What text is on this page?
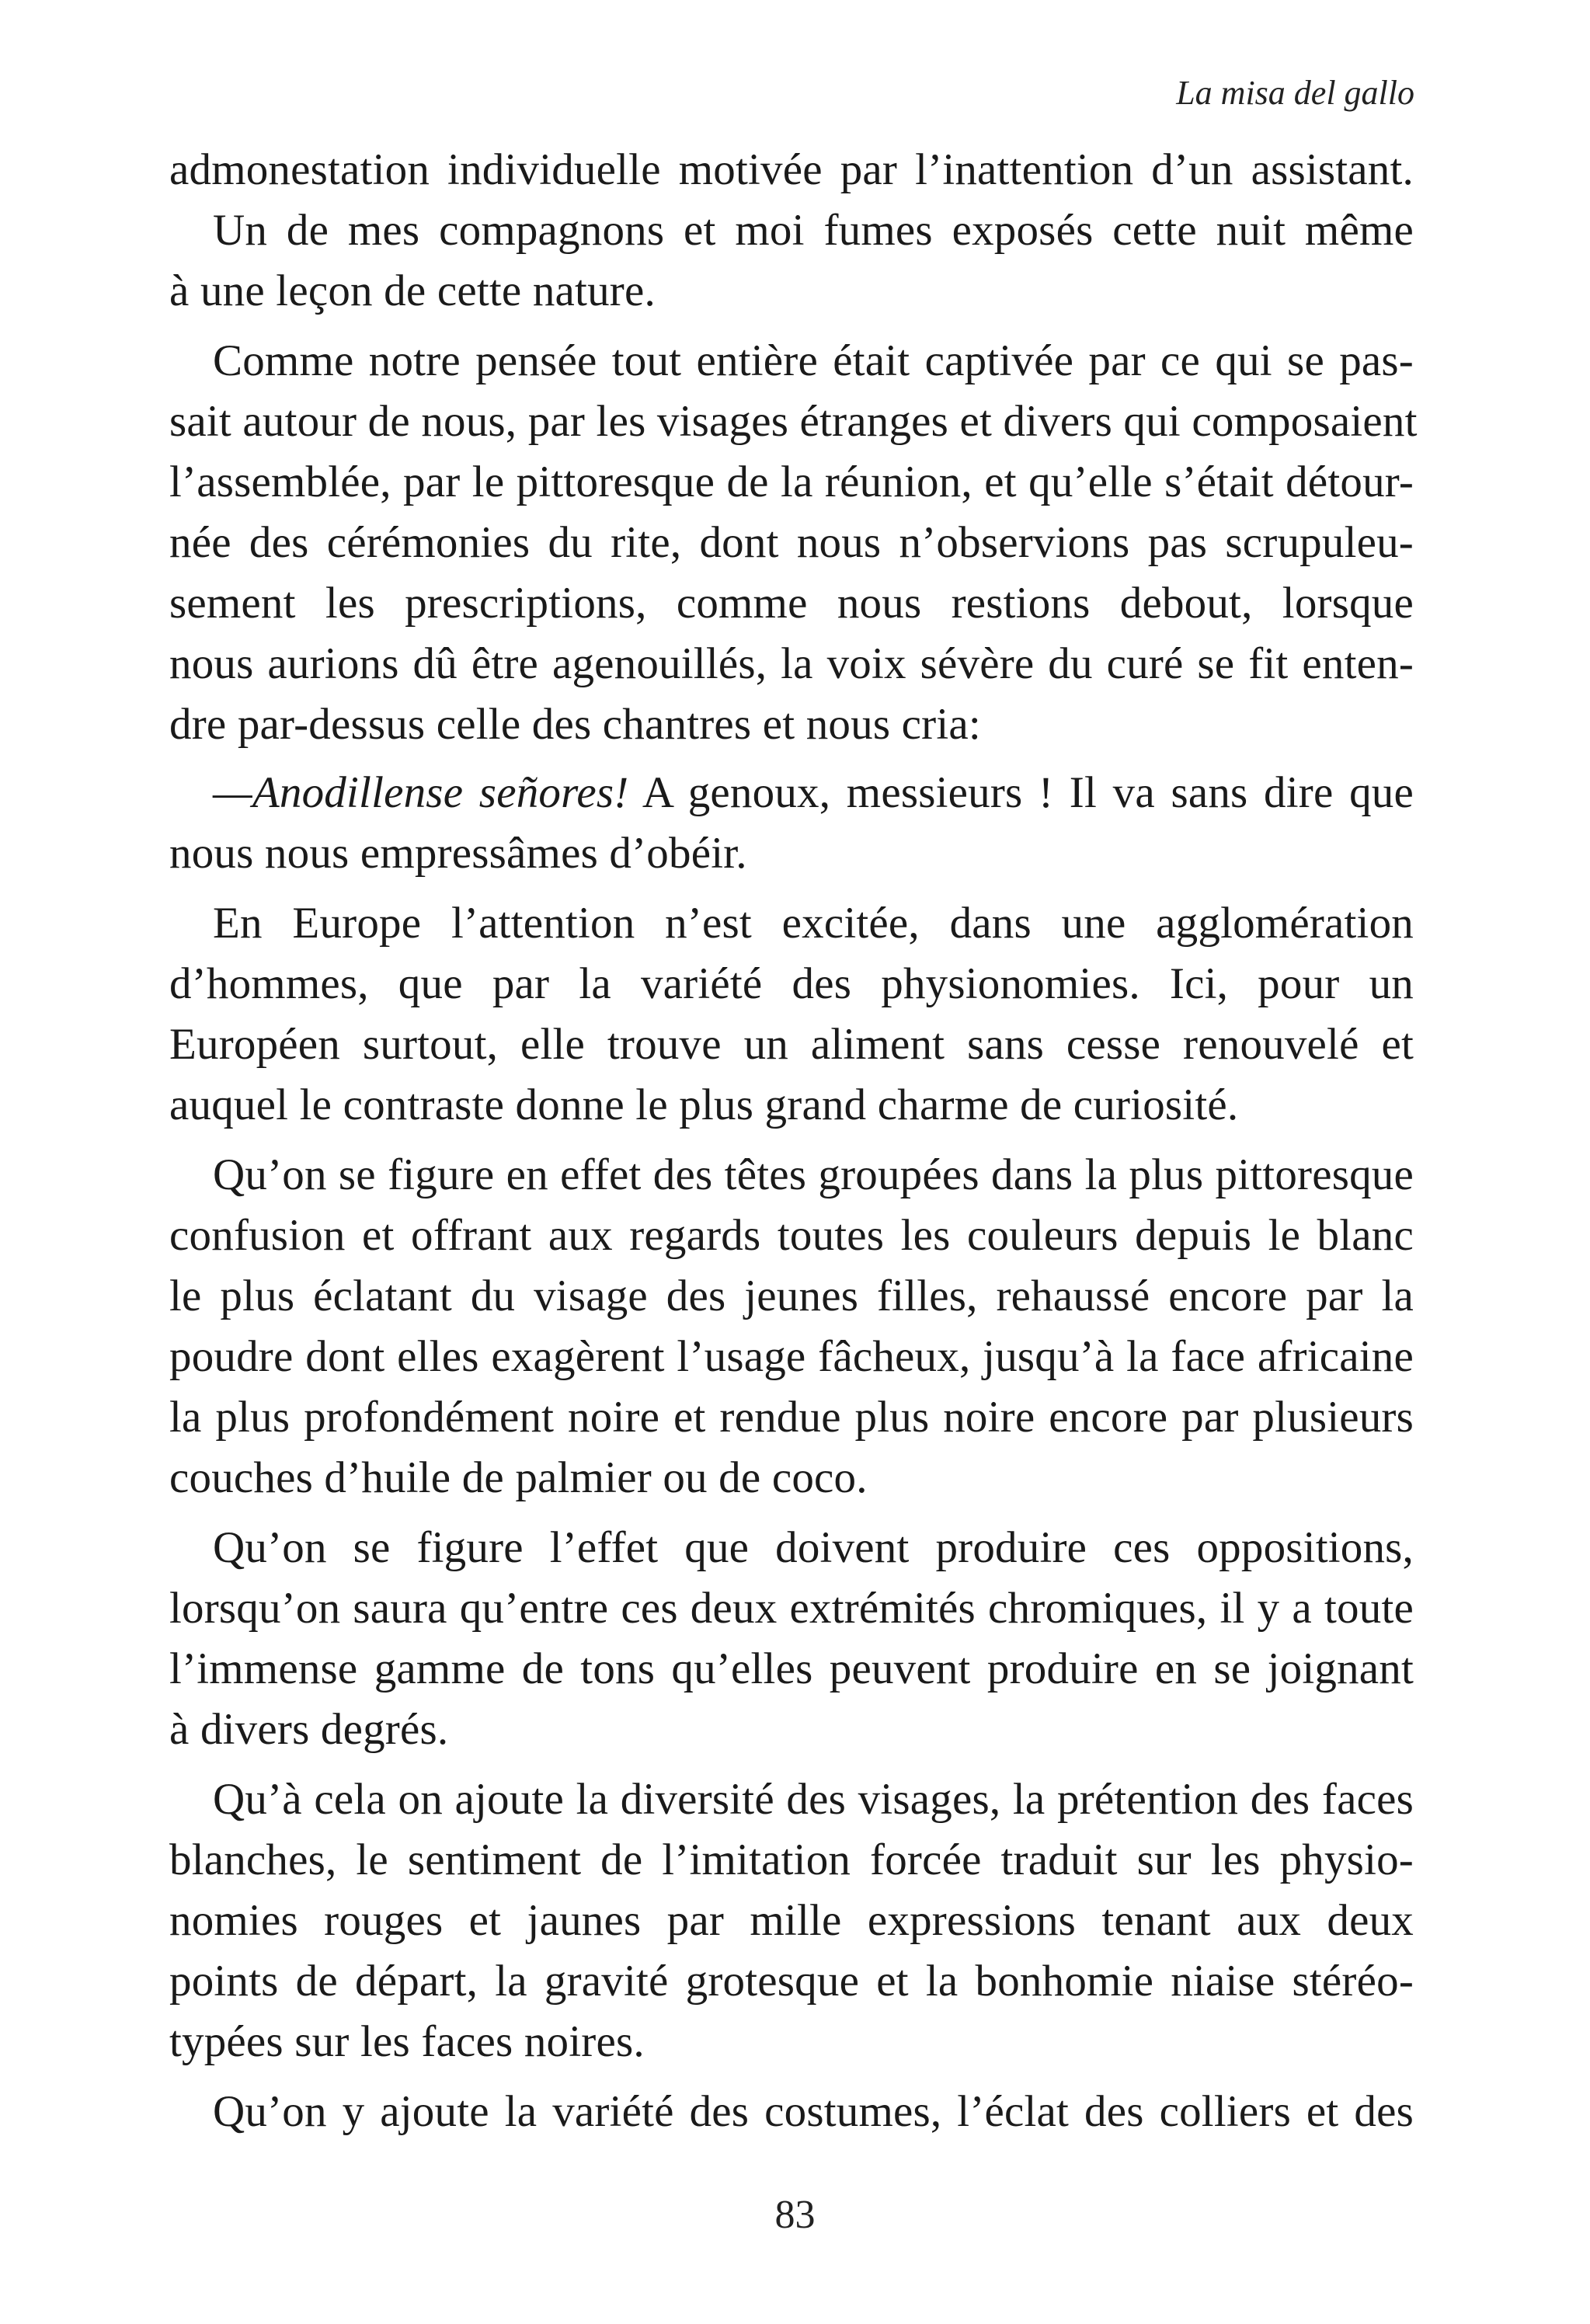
La misa del gallo
admonestation individuelle motivée par l’inattention d’un assistant.
Un de mes compagnons et moi fumes exposés cette nuit même
à une leçon de cette nature.
Comme notre pensée tout entière était captivée par ce qui se pas-
sait autour de nous, par les visages étranges et divers qui composaient
l’assemblée, par le pittoresque de la réunion, et qu’elle s’était détour-
née des cérémonies du rite, dont nous n’observions pas scrupuleu-
sement les prescriptions, comme nous restions debout, lorsque
nous aurions dû être agenouillés, la voix sévère du curé se fit enten-
dre par-dessus celle des chantres et nous cria:
—Anodillense señores! A genoux, messieurs ! Il va sans dire que
nous nous empressâmes d’obéir.
En Europe l’attention n’est excitée, dans une agglomération
d’hommes, que par la variété des physionomies. Ici, pour un
Européen surtout, elle trouve un aliment sans cesse renouvelé et
auquel le contraste donne le plus grand charme de curiosité.
Qu’on se figure en effet des têtes groupées dans la plus pittoresque
confusion et offrant aux regards toutes les couleurs depuis le blanc
le plus éclatant du visage des jeunes filles, rehaussé encore par la
poudre dont elles exagèrent l’usage fâcheux, jusqu’à la face africaine
la plus profondément noire et rendue plus noire encore par plusieurs
couches d’huile de palmier ou de coco.
Qu’on se figure l’effet que doivent produire ces oppositions,
lorsqu’on saura qu’entre ces deux extrémités chromiques, il y a toute
l’immense gamme de tons qu’elles peuvent produire en se joignant
à divers degrés.
Qu’à cela on ajoute la diversité des visages, la prétention des faces
blanches, le sentiment de l’imitation forcée traduit sur les physio-
nomies rouges et jaunes par mille expressions tenant aux deux
points de départ, la gravité grotesque et la bonhomie niaise stéréo-
typées sur les faces noires.
Qu’on y ajoute la variété des costumes, l’éclat des colliers et des
83
